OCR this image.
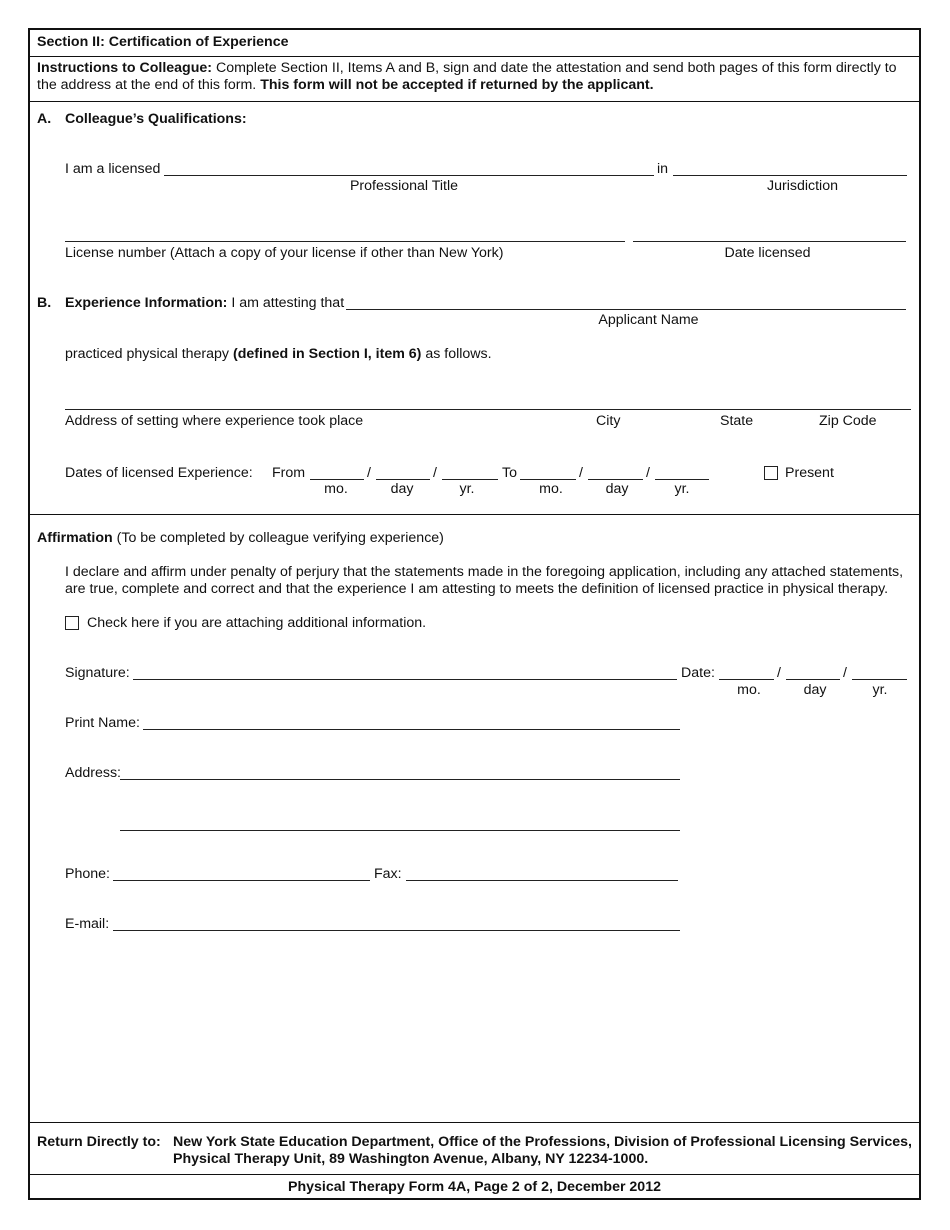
Section II: Certification of Experience
Instructions to Colleague: Complete Section II, Items A and B, sign and date the attestation and send both pages of this form directly to
the address at the end of this form. This form will not be accepted if returned by the applicant.
A. Colleague’s Qualifications:
I am a licensed	in
Professional Title	Jurisdiction
License number (Attach a copy of your license if other than New York)	Date licensed
B. Experience Information: I am attesting that
Applicant Name
practiced physical therapy (defined in Section I, item 6) as follows.
Address of setting where experience took place	City	State	Zip Code
Dates of licensed Experience: From	/	/	To	/	/	Present
mo.	day	yr.	mo.	day	yr.
Affirmation (To be completed by colleague verifying experience)
I declare and affirm under penalty of perjury that the statements made in the foregoing application, including any attached statements,
are true, complete and correct and that the experience I am attesting to meets the definition of licensed practice in physical therapy.
Check here if you are attaching additional information.
Signature:	Date:	/	/
mo.	day	yr.
Print Name:
Address:
Phone:	Fax:
E-mail:
Return Directly to: New York State Education Department, Office of the Professions, Division of Professional Licensing Services,
Physical Therapy Unit, 89 Washington Avenue, Albany, NY 12234-1000.
Physical Therapy Form 4A, Page 2 of 2, December 2012
